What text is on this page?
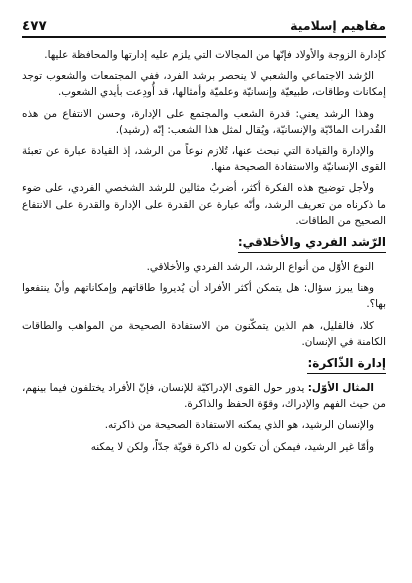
مفاهيم إسلامية
٤٧٧

كإدارة الزوجة والأولاد فإنّها من المجالات التي يلزم عليه إدارتها والمحافظة عليها.

الرُشد الاجتماعي والشعبي لا ينحصر برشد الفرد، ففي المجتمعات والشعوب توجد إمكانات وطاقات، طبيعيّة وإنسانيّة وعلميّة وأمثالها، قد أُودِعت بأيدي الشعوب.

وهذا الرشد يعني: قدرة الشعب والمجتمع على الإدارة، وحسن الانتفاع من هذه القُدرات المادّيّة والإنسانيّة، ويُقال لمثل هذا الشعب: إنّه (رشيد).

والإدارة والقيادة التي نبحث عنها، تُلازم نوعاً من الرشد، إذ القيادة عبارة عن تعبئة القوى الإنسانيّة والاستفادة الصحيحة منها.

ولأجل توضيح هذه الفكرة أكثر، أضربُ مثالين للرشد الشخصي الفردي، على ضوء ما ذكرناه من تعريف الرشد، وأنّه عبارة عن القدرة على الإدارة والقدرة على الانتفاع الصحيح من الطاقات.

الرّشد الفردي والأخلاقي:

النوع الأوّل من أنواع الرشد، الرشد الفردي والأخلاقي.

وهنا يبرز سؤال: هل يتمكن أكثر الأفراد أن يُديروا طاقاتهم وإمكاناتهم وأنْ ينتفعوا بها؟.

كلا، فالقليل، هم الذين يتمكّنون من الاستفادة الصحيحة من المواهب والطاقات الكامنة في الإنسان.

إدارة الذّاكرة:

المثال الأوّل: يدور حول القوى الإدراكيّة للإنسان، فإنّ الأفراد يختلفون فيما بينهم، من حيث الفهم والإدراك، وقوّة الحفظ والذاكرة.

والإنسان الرشيد، هو الذي يمكنه الاستفادة الصحيحة من ذاكرته.

وأمّا غير الرشيد، فيمكن أن تكون له ذاكرة قويّة جدّاً، ولكن لا يمكنه
